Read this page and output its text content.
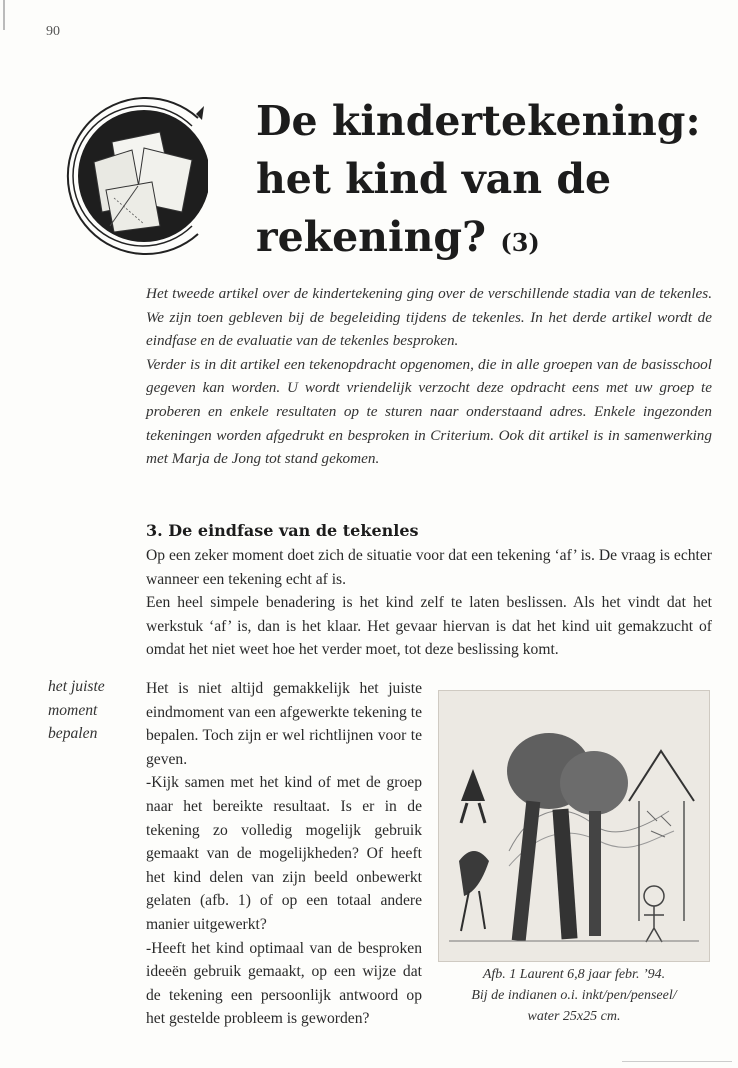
90
De kindertekening: het kind van de rekening? (3)

Het tweede artikel over de kindertekening ging over de verschillende stadia van de tekenles. We zijn toen gebleven bij de begeleiding tijdens de tekenles. In het derde artikel wordt de eindfase en de evaluatie van de tekenles besproken.

Verder is in dit artikel een tekenopdracht opgenomen, die in alle groepen van de basisschool gegeven kan worden. U wordt vriendelijk verzocht deze opdracht eens met uw groep te proberen en enkele resultaten op te sturen naar onderstaand adres. Enkele ingezonden tekeningen worden afgedrukt en besproken in Criterium. Ook dit artikel is in samenwerking met Marja de Jong tot stand gekomen.

3. De eindfase van de tekenles

Op een zeker moment doet zich de situatie voor dat een tekening ‘af’ is. De vraag is echter wanneer een tekening echt af is.

Een heel simpele benadering is het kind zelf te laten beslissen. Als het vindt dat het werkstuk ‘af’ is, dan is het klaar. Het gevaar hiervan is dat het kind uit gemakzucht of omdat het niet weet hoe het verder moet, tot deze beslissing komt.

het juiste
moment
bepalen

Het is niet altijd gemakkelijk het juiste eindmoment van een afgewerkte tekening te bepalen. Toch zijn er wel richtlijnen voor te geven.

-Kijk samen met het kind of met de groep naar het bereikte resultaat. Is er in de tekening zo volledig mogelijk gebruik gemaakt van de mogelijkheden? Of heeft het kind delen van zijn beeld onbewerkt gelaten (afb. 1) of op een totaal andere manier uitgewerkt?

-Heeft het kind optimaal van de besproken ideeën gebruik gemaakt, op een wijze dat de tekening een persoonlijk antwoord op het gestelde probleem is geworden?

Afb. 1 Laurent 6,8 jaar febr. ’94.
Bij de indianen o.i. inkt/pen/penseel/
water 25x25 cm.
